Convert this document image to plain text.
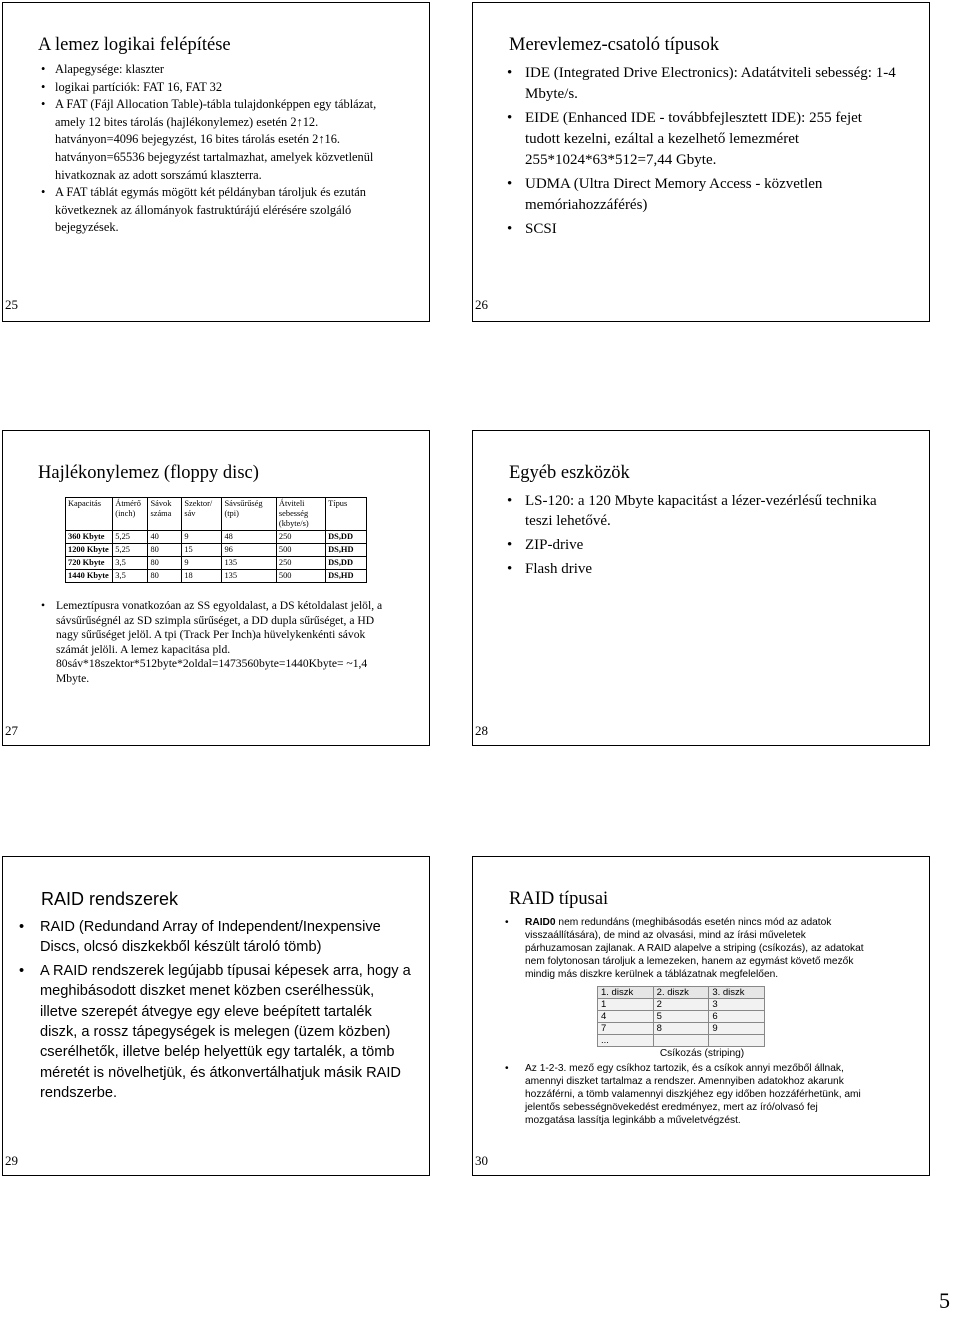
A lemez logikai felépítése
• Alapegysége: klaszter
• logikai partíciók: FAT 16, FAT 32
• A FAT (Fájl Allocation Table)-tábla tulajdonképpen egy táblázat, amely 12 bites tárolás (hajlékonylemez) esetén 2↑12. hatványon=4096 bejegyzést, 16 bites tárolás esetén 2↑16. hatványon=65536 bejegyzést tartalmazhat, amelyek közvetlenül hivatkoznak az adott sorszámú klaszterra.
• A FAT táblát egymás mögött két példányban tároljuk és ezután következnek az állományok fastruktúrájú elérésére szolgáló bejegyzések.
25
Merevlemez-csatoló típusok
• IDE (Integrated Drive Electronics): Adatátviteli sebesség: 1-4 Mbyte/s.
• EIDE (Enhanced IDE - továbbfejlesztett IDE): 255 fejet tudott kezelni, ezáltal a kezelhető lemezméret 255*1024*63*512=7,44 Gbyte.
• UDMA (Ultra Direct Memory Access - közvetlen memóriahozzáférés)
• SCSI
26
Hajlékonylemez (floppy disc)
Kapacitás	Átmérő (inch)	Sávok száma	Szektor/ sáv	Sávsűrűség (tpi)	Átviteli sebesség (kbyte/s)	Típus
360 Kbyte	5,25	40	9	48	250	DS,DD
1200 Kbyte	5,25	80	15	96	500	DS,HD
720 Kbyte	3,5	80	9	135	250	DS,DD
1440 Kbyte	3,5	80	18	135	500	DS,HD
• Lemeztípusra vonatkozóan az SS egyoldalast, a DS kétoldalast jelöl, a sávsűrűségnél az SD szimpla sűrűséget, a DD dupla sűrűséget, a HD nagy sűrűséget jelöl. A tpi (Track Per Inch)a hüvelykenkénti sávok számát jelöli. A lemez kapacitása pld. 80sáv*18szektor*512byte*2oldal=1473560byte=1440Kbyte= ~1,4 Mbyte.
27
Egyéb eszközök
• LS-120: a 120 Mbyte kapacitást a lézer-vezérlésű technika teszi lehetővé.
• ZIP-drive
• Flash drive
28
RAID rendszerek
• RAID (Redundand Array of Independent/Inexpensive Discs, olcsó diszkekből készült tároló tömb)
• A RAID rendszerek legújabb típusai képesek arra, hogy a meghibásodott diszket menet közben cserélhessük, illetve szerepét átvegye egy eleve beépített tartalék diszk, a rossz tápegységek is melegen (üzem közben) cserélhetők, illetve belép helyettük egy tartalék, a tömb méretét is növelhetjük, és átkonvertálhatjuk másik RAID rendszerbe.
29
RAID típusai
• RAID0 nem redundáns (meghibásodás esetén nincs mód az adatok visszaállítására), de mind az olvasási, mind az írási műveletek párhuzamosan zajlanak. A RAID alapelve a striping (csíkozás), az adatokat nem folytonosan tároljuk a lemezeken, hanem az egymást követő mezők mindig más diszkre kerülnek a táblázatnak megfelelően.
1. diszk	2. diszk	3. diszk
1	2	3
4	5	6
7	8	9
...		
Csíkozás (striping)
• Az 1-2-3. mező egy csíkhoz tartozik, és a csíkok annyi mezőből állnak, amennyi diszket tartalmaz a rendszer. Amennyiben adatokhoz akarunk hozzáférni, a tömb valamennyi diszkjéhez egy időben hozzáférhetünk, ami jelentős sebességnövekedést eredményez, mert az író/olvasó fej mozgatása lassítja leginkább a műveletvégzést.
30
5
